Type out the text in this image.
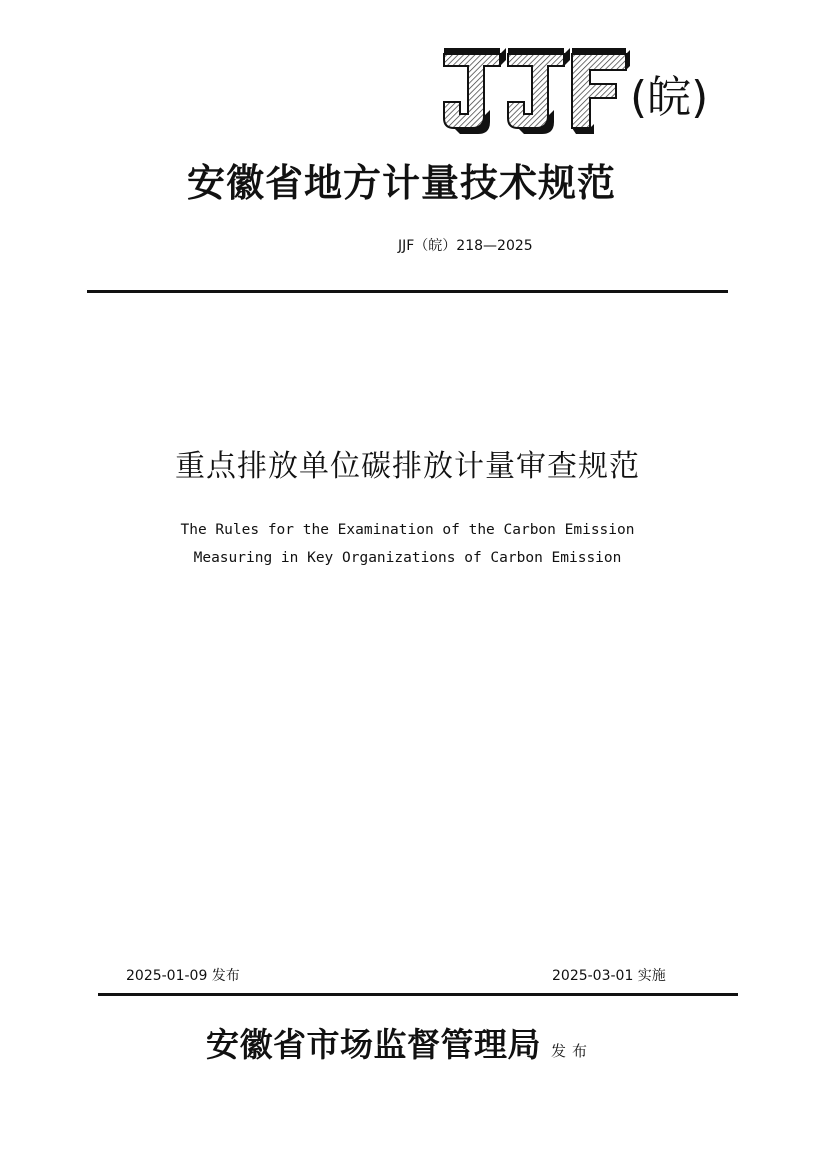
(皖)
安徽省地方计量技术规范
JJF（皖）218—2025
重点排放单位碳排放计量审查规范
The Rules for the Examination of the Carbon Emission
Measuring in Key Organizations of Carbon Emission
2025-01-09 发布	2025-03-01 实施
安徽省市场监督管理局 发布
